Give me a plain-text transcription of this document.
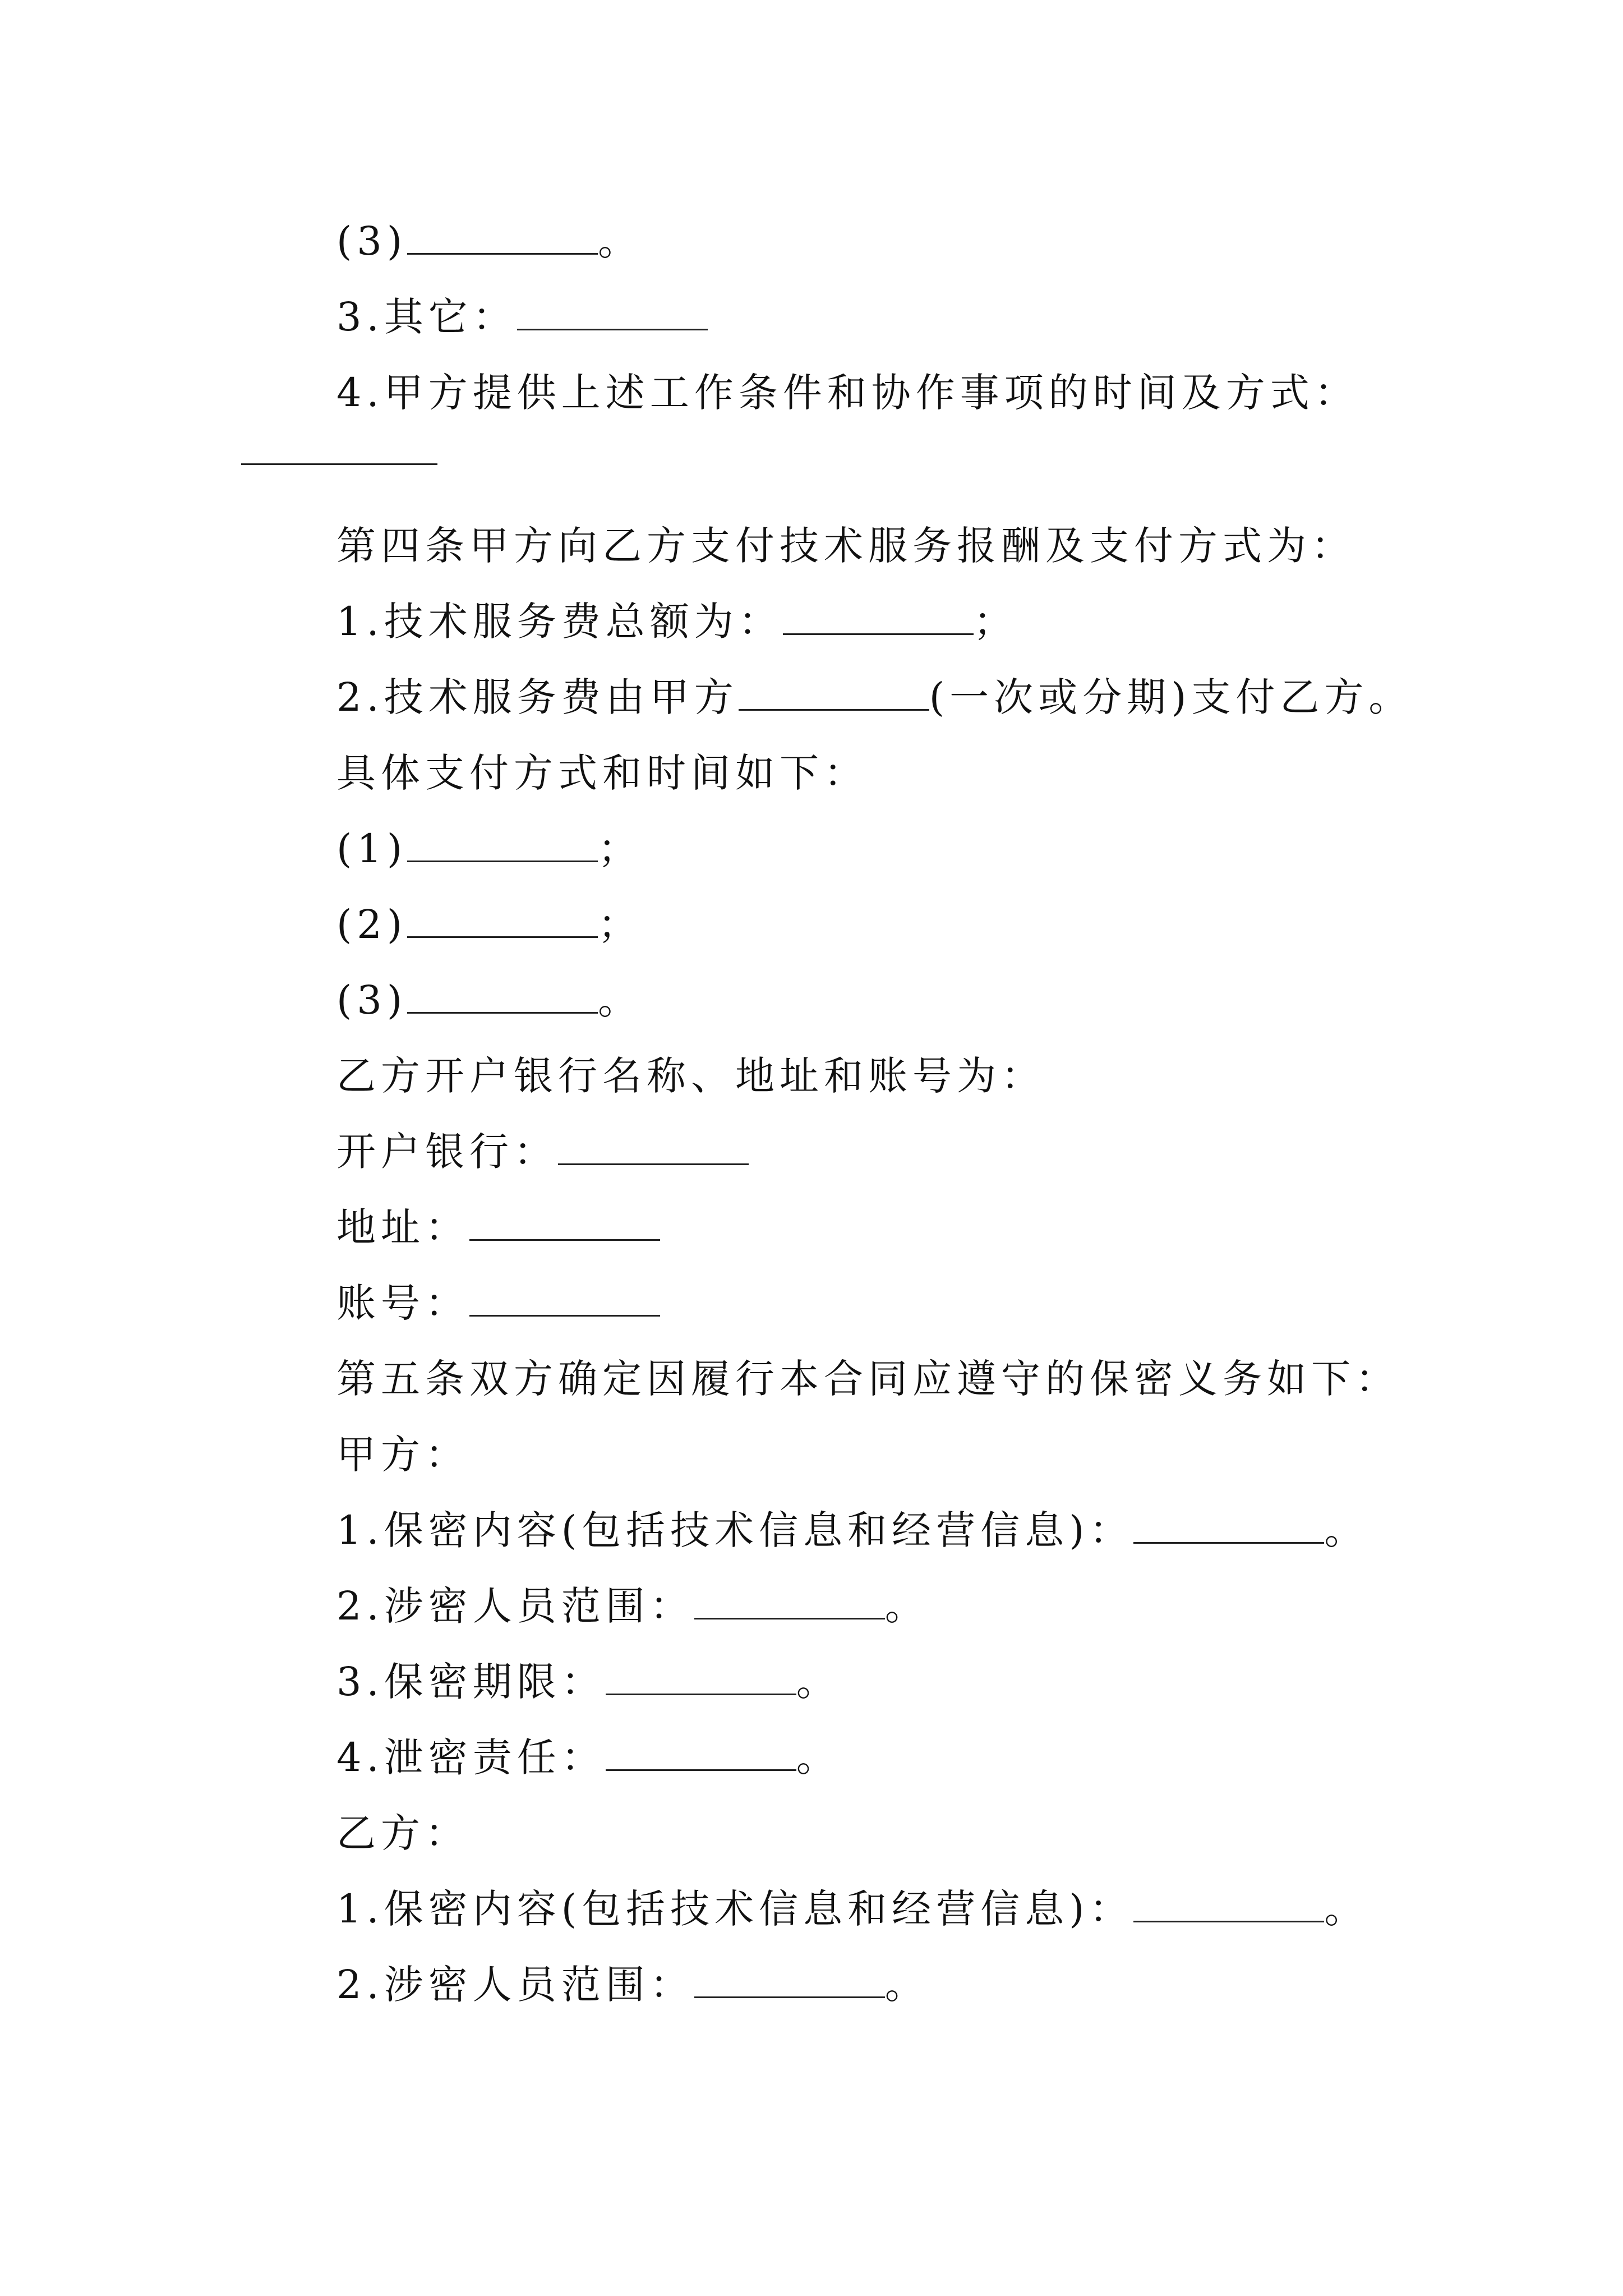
(3)	。
3.其它：
4.甲方提供上述工作条件和协作事项的时间及方式：
第四条甲方向乙方支付技术服务报酬及支付方式为：
1.技术服务费总额为：	；
2.技术服务费由甲方	(一次或分期)支付乙方。
具体支付方式和时间如下：
(1)	；
(2)	；
(3)	。
乙方开户银行名称、地址和账号为：
开户银行：
地址：
账号：
第五条双方确定因履行本合同应遵守的保密义务如下：
甲方：
1.保密内容(包括技术信息和经营信息)：	。
2.涉密人员范围：	。
3.保密期限：	。
4.泄密责任：	。
乙方：
1.保密内容(包括技术信息和经营信息)：	。
2.涉密人员范围：	。
